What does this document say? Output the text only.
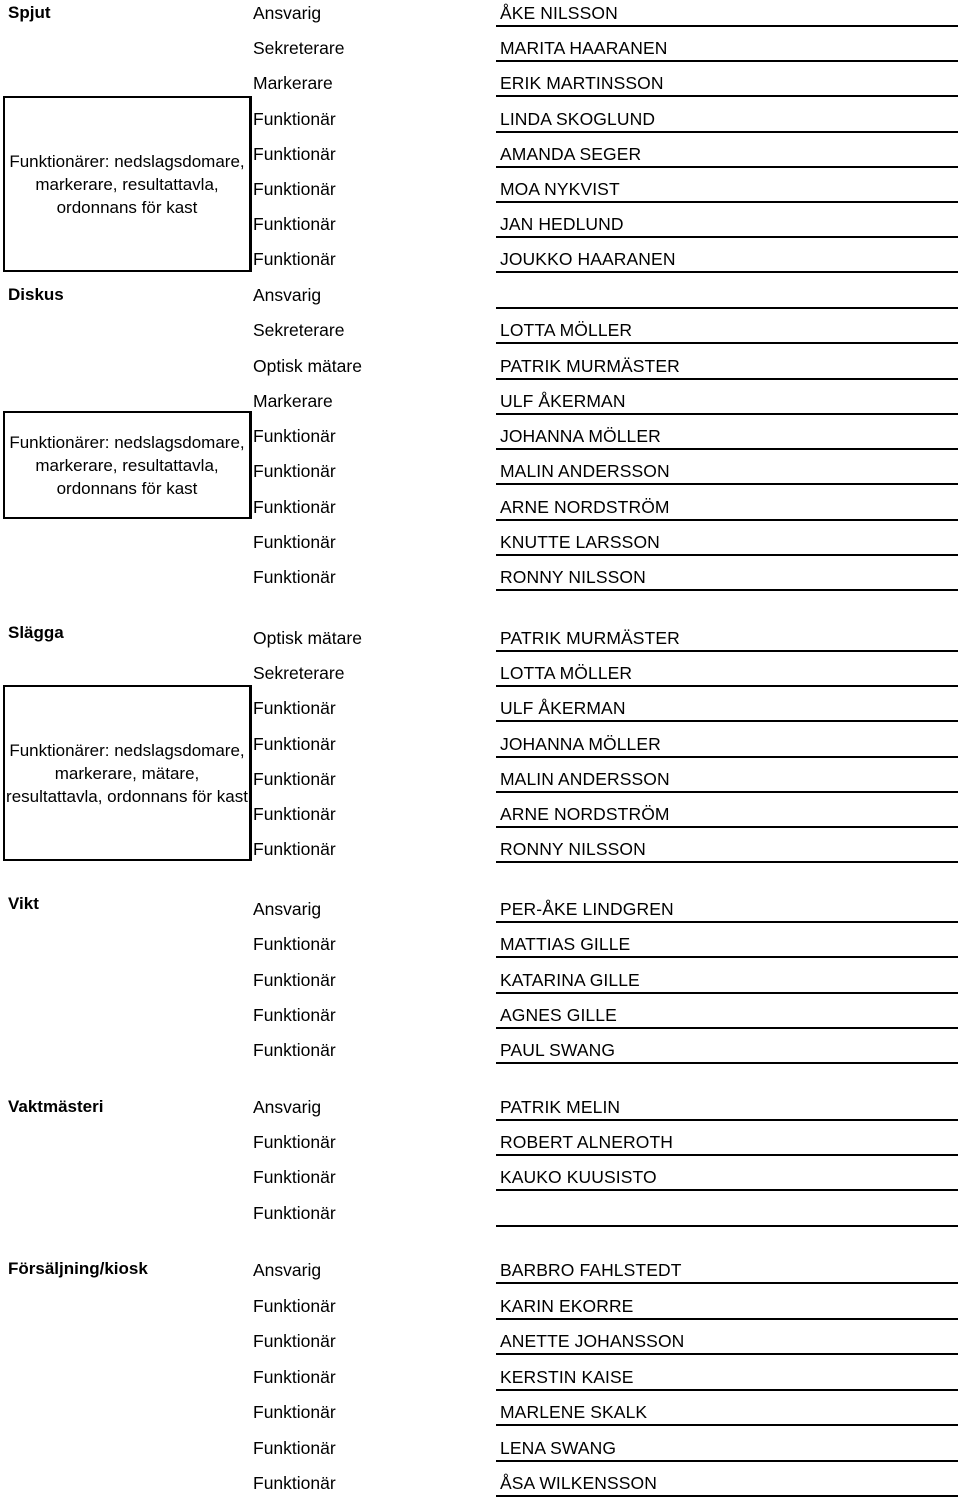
Spjut
Funktionärer: nedslagsdomare, markerare, resultattavla, ordonnans för kast
Ansvarig	ÅKE NILSSON
Sekreterare	MARITA HAARANEN
Markerare	ERIK MARTINSSON
Funktionär	LINDA SKOGLUND
Funktionär	AMANDA SEGER
Funktionär	MOA NYKVIST
Funktionär	JAN HEDLUND
Funktionär	JOUKKO HAARANEN
Diskus
Funktionärer: nedslagsdomare, markerare, resultattavla, ordonnans för kast
Ansvarig
Sekreterare	LOTTA MÖLLER
Optisk mätare	PATRIK MURMÄSTER
Markerare	ULF ÅKERMAN
Funktionär	JOHANNA MÖLLER
Funktionär	MALIN ANDERSSON
Funktionär	ARNE NORDSTRÖM
Funktionär	KNUTTE LARSSON
Funktionär	RONNY NILSSON
Slägga
Funktionärer: nedslagsdomare, markerare, mätare, resultattavla, ordonnans för kast
Optisk mätare	PATRIK MURMÄSTER
Sekreterare	LOTTA MÖLLER
Funktionär	ULF ÅKERMAN
Funktionär	JOHANNA MÖLLER
Funktionär	MALIN ANDERSSON
Funktionär	ARNE NORDSTRÖM
Funktionär	RONNY NILSSON
Vikt	Ansvarig	PER-ÅKE LINDGREN
Funktionär	MATTIAS GILLE
Funktionär	KATARINA GILLE
Funktionär	AGNES GILLE
Funktionär	PAUL SWANG
Vaktmästeri	Ansvarig	PATRIK MELIN
Funktionär	ROBERT ALNEROTH
Funktionär	KAUKO KUUSISTO
Funktionär
Försäljning/kiosk	Ansvarig	BARBRO FAHLSTEDT
Funktionär	KARIN EKORRE
Funktionär	ANETTE JOHANSSON
Funktionär	KERSTIN KAISE
Funktionär	MARLENE SKALK
Funktionär	LENA SWANG
Funktionär	ÅSA WILKENSSON
